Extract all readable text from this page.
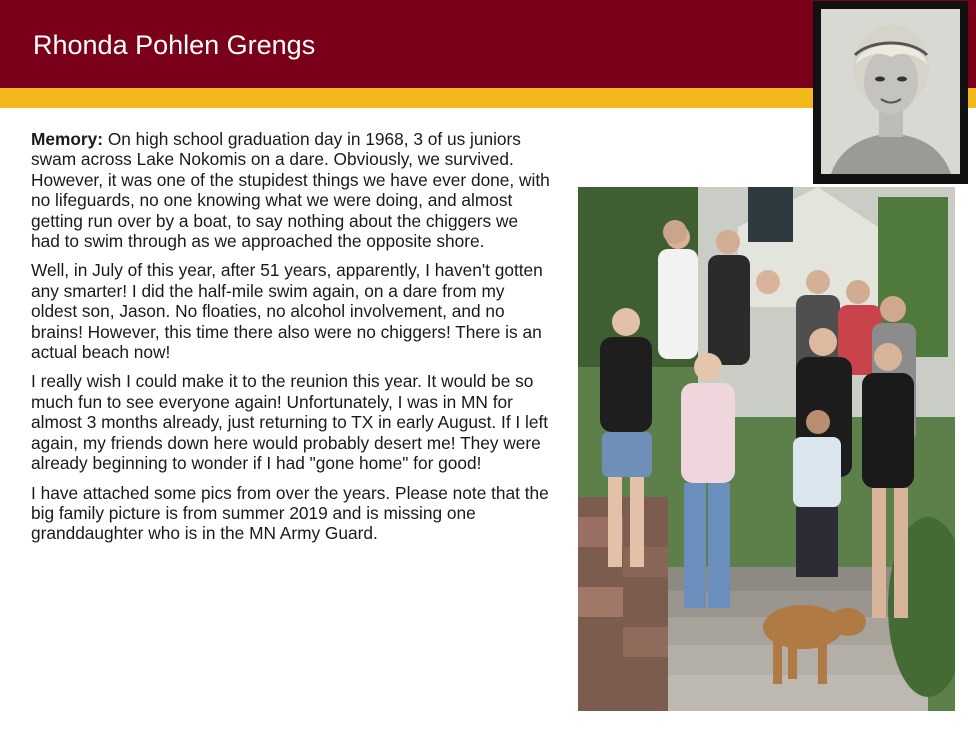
Rhonda Pohlen Grengs

Memory: On high school graduation day in 1968, 3 of us juniors swam across Lake Nokomis on a dare. Obviously, we survived. However, it was one of the stupidest things we have ever done, with no lifeguards, no one knowing what we were doing, and almost getting run over by a boat, to say nothing about the chiggers we had to swim through as we approached the opposite shore.

Well, in July of this year, after 51 years, apparently, I haven't gotten any smarter! I did the half-mile swim again, on a dare from my oldest son, Jason. No floaties, no alcohol involvement, and no brains! However, this time there also were no chiggers! There is an actual beach now!

I really wish I could make it to the reunion this year. It would be so much fun to see everyone again! Unfortunately, I was in MN for almost 3 months already, just returning to TX in early August. If I left again, my friends down here would probably desert me! They were already beginning to wonder if I had "gone home" for good!

I have attached some pics from over the years. Please note that the big family picture is from summer 2019 and is missing one granddaughter who is in the MN Army Guard.
